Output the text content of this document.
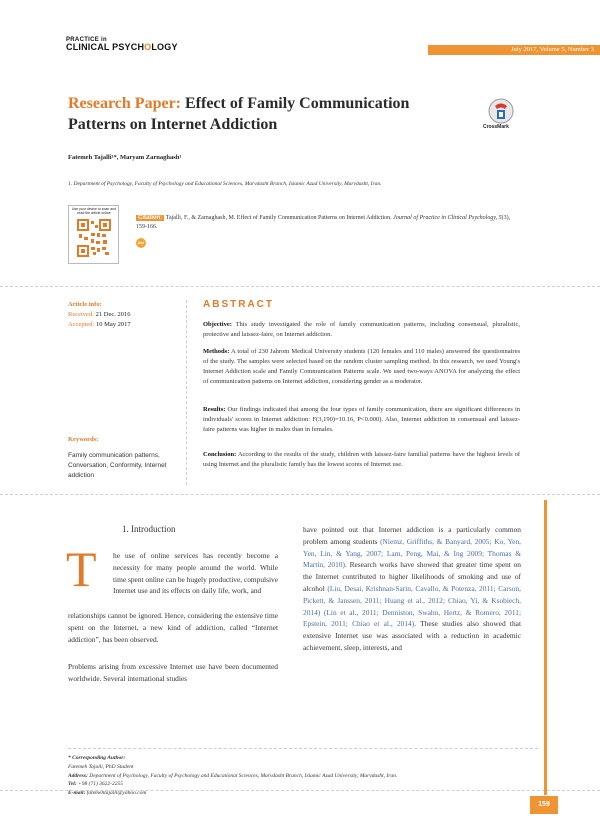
PRACTICE in
CLINICAL PSYCHOLOGY	July 2017, Volume 5, Number 3
Research Paper: Effect of Family Communication Patterns on Internet Addiction	CrossMark
Fatemeh Tajalli¹*, Maryam Zarnaghash¹
1. Department of Psychology, Faculty of Psychology and Educational Sciences, Marvdasht Branch, Islamic Azad University, Marvdasht, Iran.
Use your device to scan and read the article online
Citation: Tajalli, F., & Zarnaghash, M. Effect of Family Communication Patterns on Internet Addiction. Journal of Practice in Clinical Psychology, 5(3), 159-166.
doi
Article info:
Received: 21 Dec. 2016
Accepted: 10 May 2017
Keywords:
Family communication patterns, Conversation, Conformity, Internet addiction
ABSTRACT
Objective: This study investigated the role of family communication patterns, including consensual, pluralistic, protective and laissez-faire, on Internet addiction.
Methods: A total of 230 Jahrom Medical University students (120 females and 110 males) answered the questionnaires of the study. The samples were selected based on the random cluster sampling method. In this research, we used Young's Internet Addiction scale and Family Communication Patterns scale. We used two-ways ANOVA for analyzing the effect of communication patterns on Internet addiction, considering gender as a moderator.
Results: Our findings indicated that among the four types of family communication, there are significant differences in individuals' scores in Internet addiction: F(3,190)=10.16, P<0.000). Also, Internet addiction in consensual and laissez-faire patterns was higher in males than in females.
Conclusion: According to the results of the study, children with laissez-faire familial patterns have the highest levels of using Internet and the pluralistic family has the lowest scores of Internet use.
1. Introduction
T he use of online services has recently become a necessity for many people around the world. While time spent online can be hugely productive, compulsive Internet use and its effects on daily life, work, and
relationships cannot be ignored. Hence, considering the extensive time spent on the Internet, a new kind of addiction, called “Internet addiction”, has been observed.
Problems arising from excessive Internet use have been documented worldwide. Several international studies
have pointed out that Internet addiction is a particularly common problem among students (Niemz, Griffiths, & Banyard, 2005; Ko, Yen, Yen, Lin, & Yang, 2007; Lam, Peng, Mai, & Ing 2009; Thomas & Martin, 2010). Research works have showed that greater time spent on the Internet contributed to higher likelihoods of smoking and use of alcohol (Liu, Desai, Krishnan-Sarin, Cavallo, & Potenza, 2011; Carson, Pickett, & Janssen, 2011; Huang et al., 2012; Chiao, Yi, & Ksobiech, 2014) (Lin et al., 2011; Denniston, Swahn, Hertz, & Romero, 2011; Epstein, 2011; Chiao et al., 2014). These studies also showed that extensive Internet use was associated with a reduction in academic achievement, sleep, interests, and
* Corresponding Author:
Fatemeh Tajalli, PhD Student
Address: Department of Psychology, Faculty of Psychology and Educational Sciences, Marvdasht Branch, Islamic Azad University, Marvdasht, Iran.
Tel: +98 (71) 3622-2255
E-mail: fatemehtajalli@yahoo.com
159
